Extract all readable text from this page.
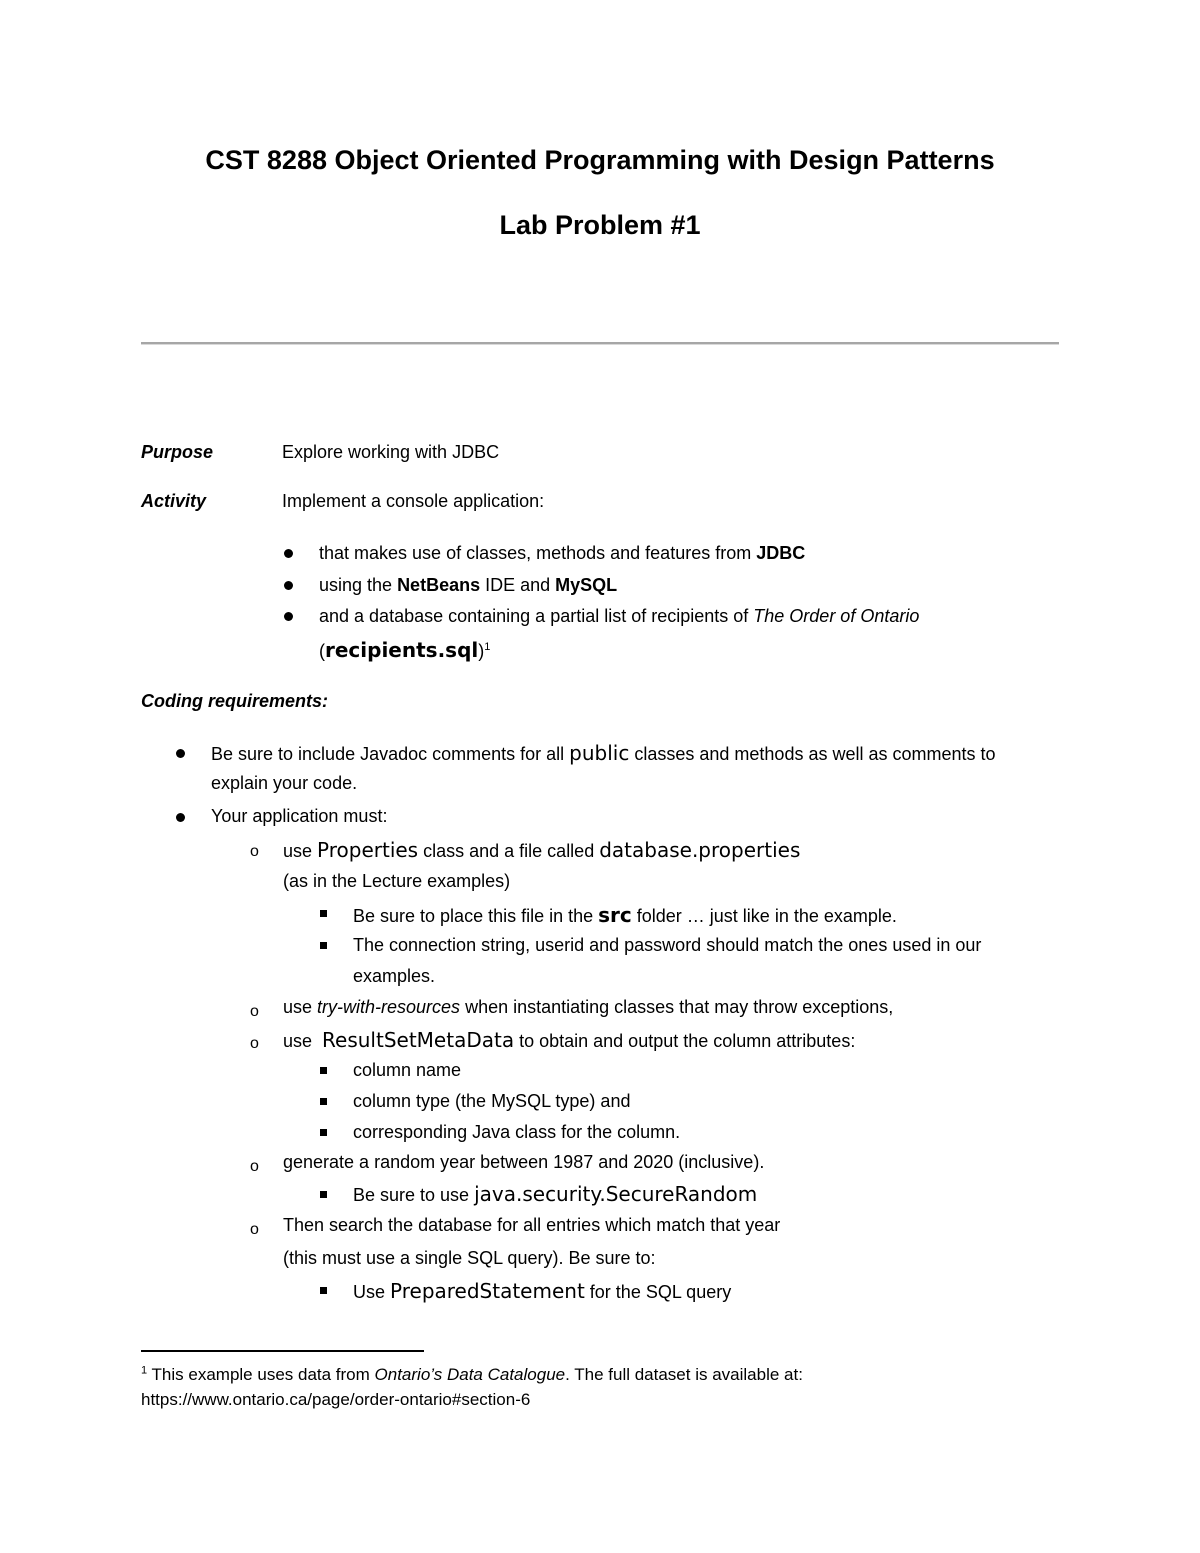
CST 8288 Object Oriented Programming with Design Patterns
Lab Problem #1
Purpose	Explore working with JDBC
Activity	Implement a console application:
that makes use of classes, methods and features from JDBC
using the NetBeans IDE and MySQL
and a database containing a partial list of recipients of The Order of Ontario
(recipients.sql)$^1$
Coding requirements:
Be sure to include Javadoc comments for all public classes and methods as well as comments to
explain your code.
Your application must:
o use Properties class and a file called database.properties
(as in the Lecture examples)
Be sure to place this file in the src folder … just like in the example.
The connection string, userid and password should match the ones used in our
examples.
o use try-with-resources when instantiating classes that may throw exceptions,
o use  ResultSetMetaData to obtain and output the column attributes:
column name
column type (the MySQL type) and
corresponding Java class for the column.
o generate a random year between 1987 and 2020 (inclusive).
Be sure to use java.security.SecureRandom
o Then search the database for all entries which match that year
(this must use a single SQL query). Be sure to:
Use PreparedStatement for the SQL query
$^1$ This example uses data from Ontario’s Data Catalogue. The full dataset is available at:
https://www.ontario.ca/page/order-ontario#section-6
